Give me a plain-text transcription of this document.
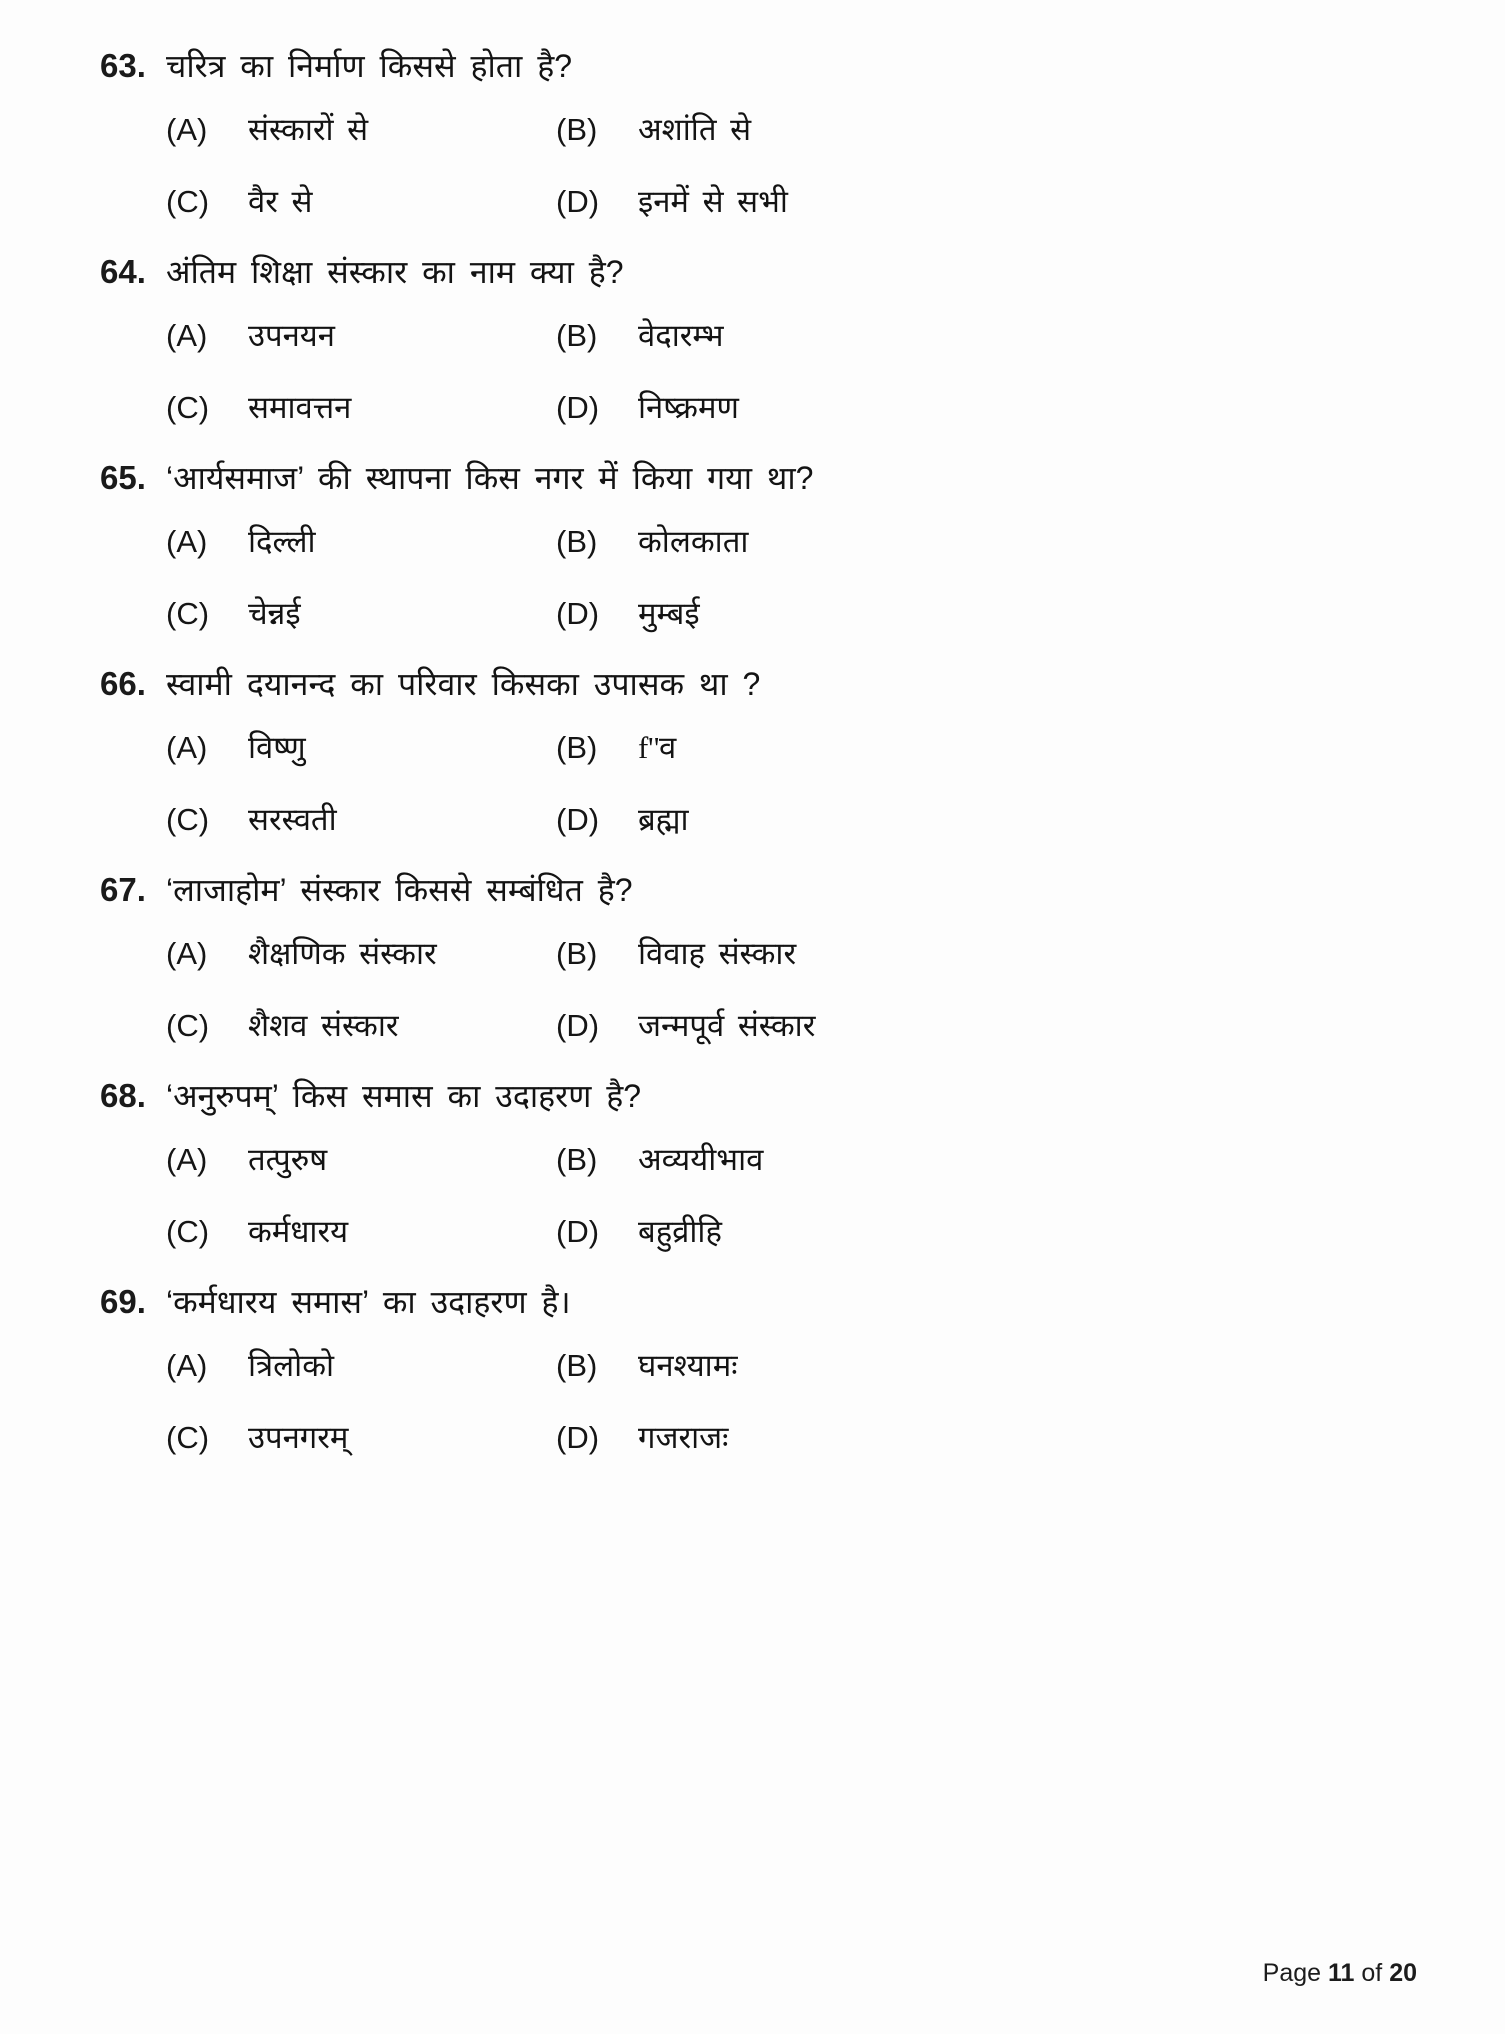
63. चरित्र का निर्माण किससे होता है?
(A)	संस्कारों से	(B)	अशांति से
(C)	वैर से	(D)	इनमें से सभी
64. अंतिम शिक्षा संस्कार का नाम क्या है?
(A)	उपनयन	(B)	वेदारम्भ
(C)	समावत्तन	(D)	निष्क्रमण
65. ‘आर्यसमाज’ की स्थापना किस नगर में किया गया था?
(A)	दिल्ली	(B)	कोलकाता
(C)	चेन्नई	(D)	मुम्बई
66. स्वामी दयानन्द का परिवार किसका उपासक था ?
(A)	विष्णु	(B)	f"व
(C)	सरस्वती	(D)	ब्रह्मा
67. ‘लाजाहोम’ संस्कार किससे सम्बंधित है?
(A)	शैक्षणिक संस्कार	(B)	विवाह संस्कार
(C)	शैशव संस्कार	(D)	जन्मपूर्व संस्कार
68. ‘अनुरुपम्’ किस समास का उदाहरण है?
(A)	तत्पुरुष	(B)	अव्ययीभाव
(C)	कर्मधारय	(D)	बहुव्रीहि
69. ‘कर्मधारय समास’ का उदाहरण है।
(A)	त्रिलोको	(B)	घनश्यामः
(C)	उपनगरम्	(D)	गजराजः
Page 11 of 20
